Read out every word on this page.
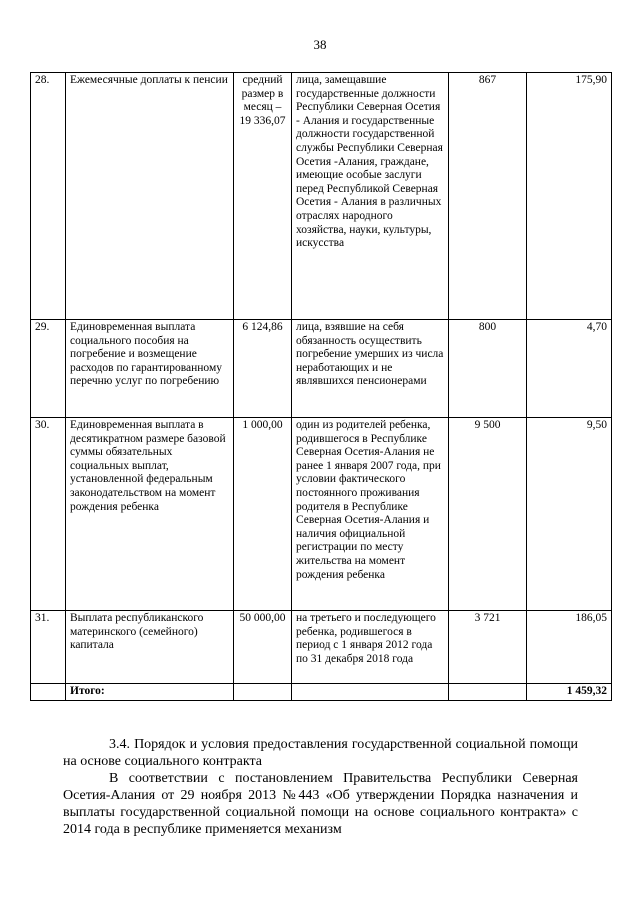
38
28.	Ежемесячные доплаты к пенсии	средний размер в месяц – 19 336,07	лица, замещавшие государственные должности Республики Северная Осетия - Алания и государственные должности государственной службы Республики Северная Осетия -Алания, граждане, имеющие особые заслуги перед Республикой Северная Осетия - Алания в различных отраслях народного хозяйства, науки, культуры, искусства	867	175,90
29.	Единовременная выплата социального пособия на погребение и возмещение расходов по гарантированному перечню услуг по погребению	6 124,86	лица, взявшие на себя обязанность осуществить погребение умерших из числа неработающих и не являвшихся пенсионерами	800	4,70
30.	Единовременная выплата в десятикратном размере базовой суммы обязательных социальных выплат, установленной федеральным законодательством на момент рождения ребенка	1 000,00	один из родителей ребенка, родившегося в Республике Северная Осетия-Алания не ранее 1 января 2007 года, при условии фактического постоянного проживания родителя в Республике Северная Осетия-Алания и наличия официальной регистрации по месту жительства на момент рождения ребенка	9 500	9,50
31.	Выплата республиканского материнского (семейного) капитала	50 000,00	на третьего и последующего ребенка, родившегося в период с 1 января 2012 года по 31 декабря 2018 года	3 721	186,05
	Итого:				1 459,32
3.4. Порядок и условия предоставления государственной социальной помощи на основе социального контракта
В соответствии с постановлением Правительства Республики Северная Осетия-Алания от 29 ноября 2013 №443 «Об утверждении Порядка назначения и выплаты государственной социальной помощи на основе социального контракта» с 2014 года в республике применяется механизм
